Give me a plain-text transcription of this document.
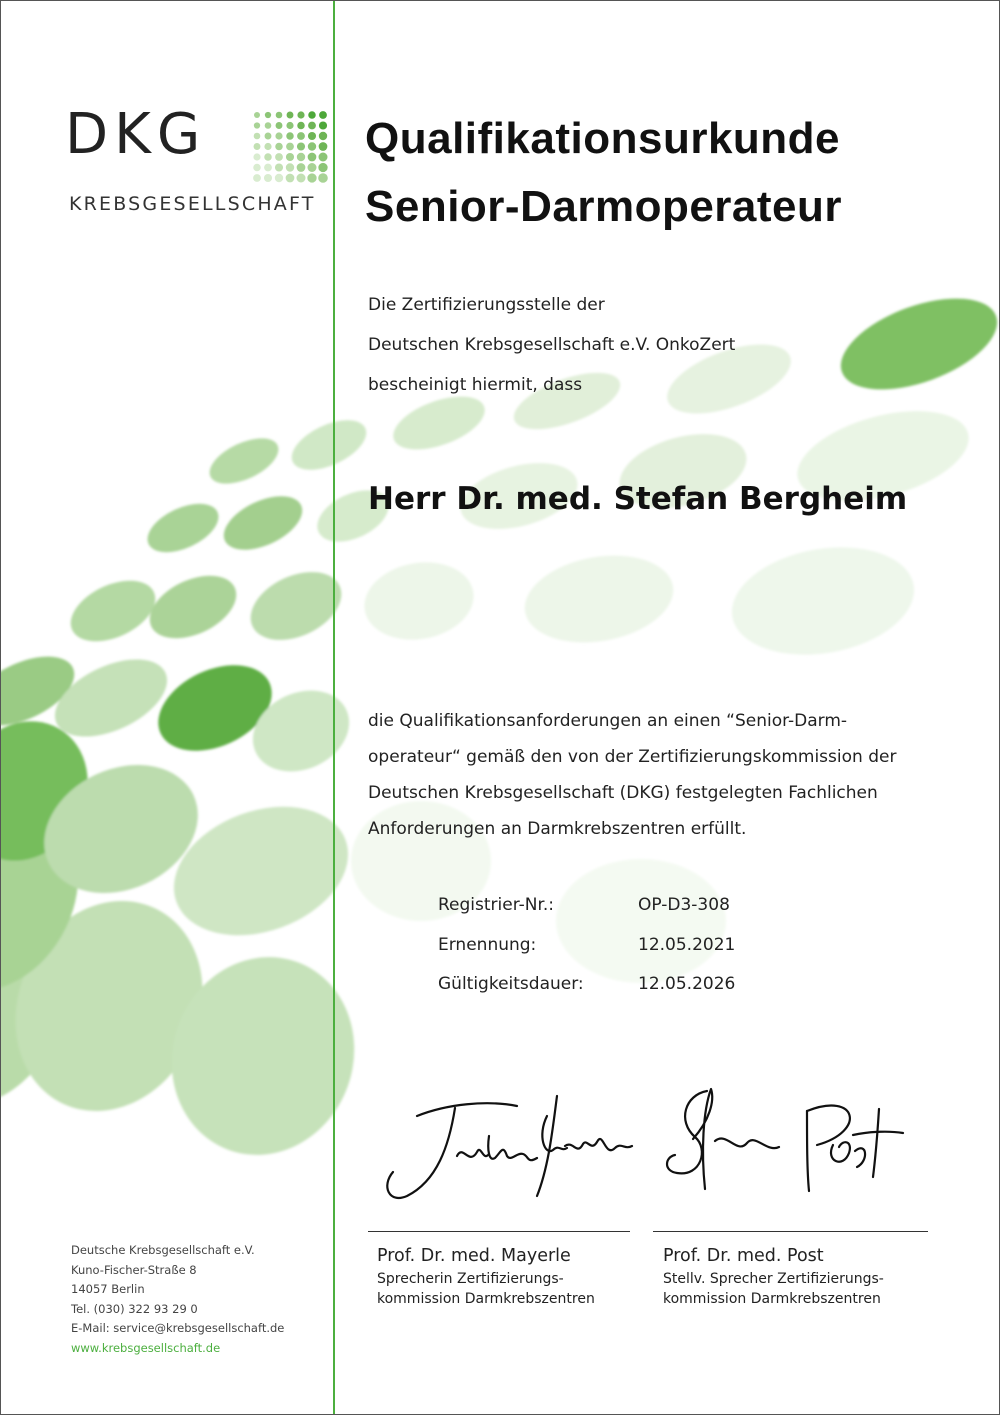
DKG
KREBSGESELLSCHAFT
Qualifikationsurkunde
Senior-Darmoperateur
Die Zertifizierungsstelle der
Deutschen Krebsgesellschaft e.V. OnkoZert
bescheinigt hiermit, dass
Herr Dr. med. Stefan Bergheim
die Qualifikationsanforderungen an einen “Senior-Darm-
operateur“ gemäß den von der Zertifizierungskommission der
Deutschen Krebsgesellschaft (DKG) festgelegten Fachlichen
Anforderungen an Darmkrebszentren erfüllt.
Registrier-Nr.:	OP-D3-308
Ernennung:	12.05.2021
Gültigkeitsdauer:	12.05.2026
Prof. Dr. med. Mayerle
Sprecherin Zertifizierungs-
kommission Darmkrebszentren
Prof. Dr. med. Post
Stellv. Sprecher Zertifizierungs-
kommission Darmkrebszentren
Deutsche Krebsgesellschaft e.V.
Kuno-Fischer-Straße 8
14057 Berlin
Tel. (030) 322 93 29 0
E-Mail: service@krebsgesellschaft.de
www.krebsgesellschaft.de
